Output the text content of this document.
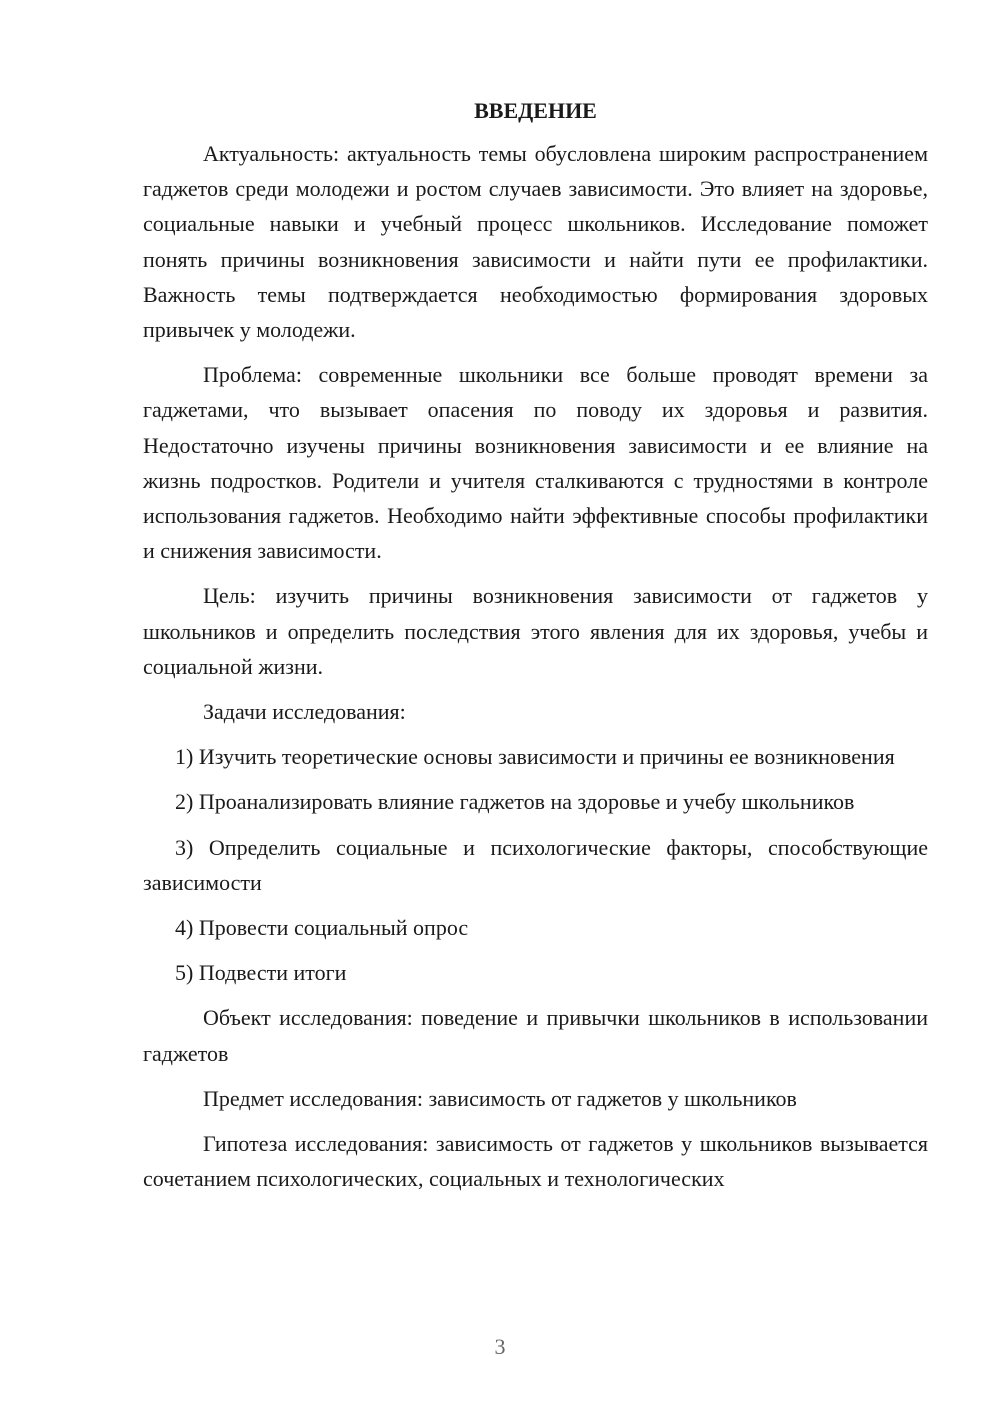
ВВЕДЕНИЕ

Актуальность: актуальность темы обусловлена широким распространением гаджетов среди молодежи и ростом случаев зависимости. Это влияет на здоровье, социальные навыки и учебный процесс школьников. Исследование поможет понять причины возникновения зависимости и найти пути ее профилактики. Важность темы подтверждается необходимостью формирования здоровых привычек у молодежи.

Проблема: современные школьники все больше проводят времени за гаджетами, что вызывает опасения по поводу их здоровья и развития. Недостаточно изучены причины возникновения зависимости и ее влияние на жизнь подростков. Родители и учителя сталкиваются с трудностями в контроле использования гаджетов. Необходимо найти эффективные способы профилактики и снижения зависимости.

Цель: изучить причины возникновения зависимости от гаджетов у школьников и определить последствия этого явления для их здоровья, учебы и социальной жизни.

Задачи исследования:

1) Изучить теоретические основы зависимости и причины ее возникновения

2) Проанализировать влияние гаджетов на здоровье и учебу школьников

3) Определить социальные и психологические факторы, способствующие зависимости

4) Провести социальный опрос

5) Подвести итоги

Объект исследования: поведение и привычки школьников в использовании гаджетов

Предмет исследования: зависимость от гаджетов у школьников

Гипотеза исследования: зависимость от гаджетов у школьников вызывается сочетанием психологических, социальных и технологических

3
